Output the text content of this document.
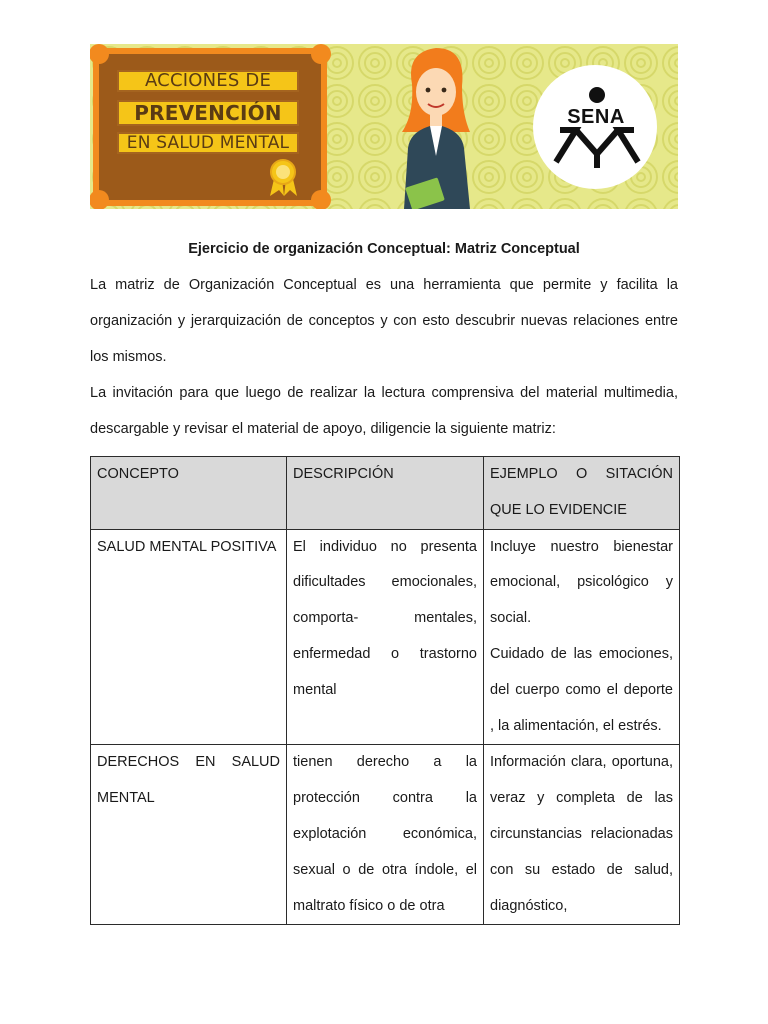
ACCIONES DE
PREVENCIÓN
EN SALUD MENTAL
SENA
Ejercicio de organización Conceptual: Matriz Conceptual
La matriz de Organización Conceptual es una herramienta que permite y facilita la organización y jerarquización de conceptos y con esto descubrir nuevas relaciones entre los mismos.
La invitación para que luego de realizar la lectura comprensiva del material multimedia, descargable y revisar el material de apoyo, diligencie la siguiente matriz:
CONCEPTO	DESCRIPCIÓN	EJEMPLO O SITACIÓN QUE LO EVIDENCIE
SALUD MENTAL POSITIVA	El individuo no presenta dificultades emocionales, comporta- mentales, enfermedad o trastorno mental	Incluye nuestro bienestar emocional, psicológico y social.
Cuidado de las emociones, del cuerpo como el deporte , la alimentación, el estrés.

DERECHOS EN SALUD MENTAL	tienen derecho a la protección contra la explotación económica, sexual o de otra índole, el maltrato físico o de otra	Información clara, oportuna, veraz y completa de las circunstancias relacionadas con su estado de salud, diagnóstico,
